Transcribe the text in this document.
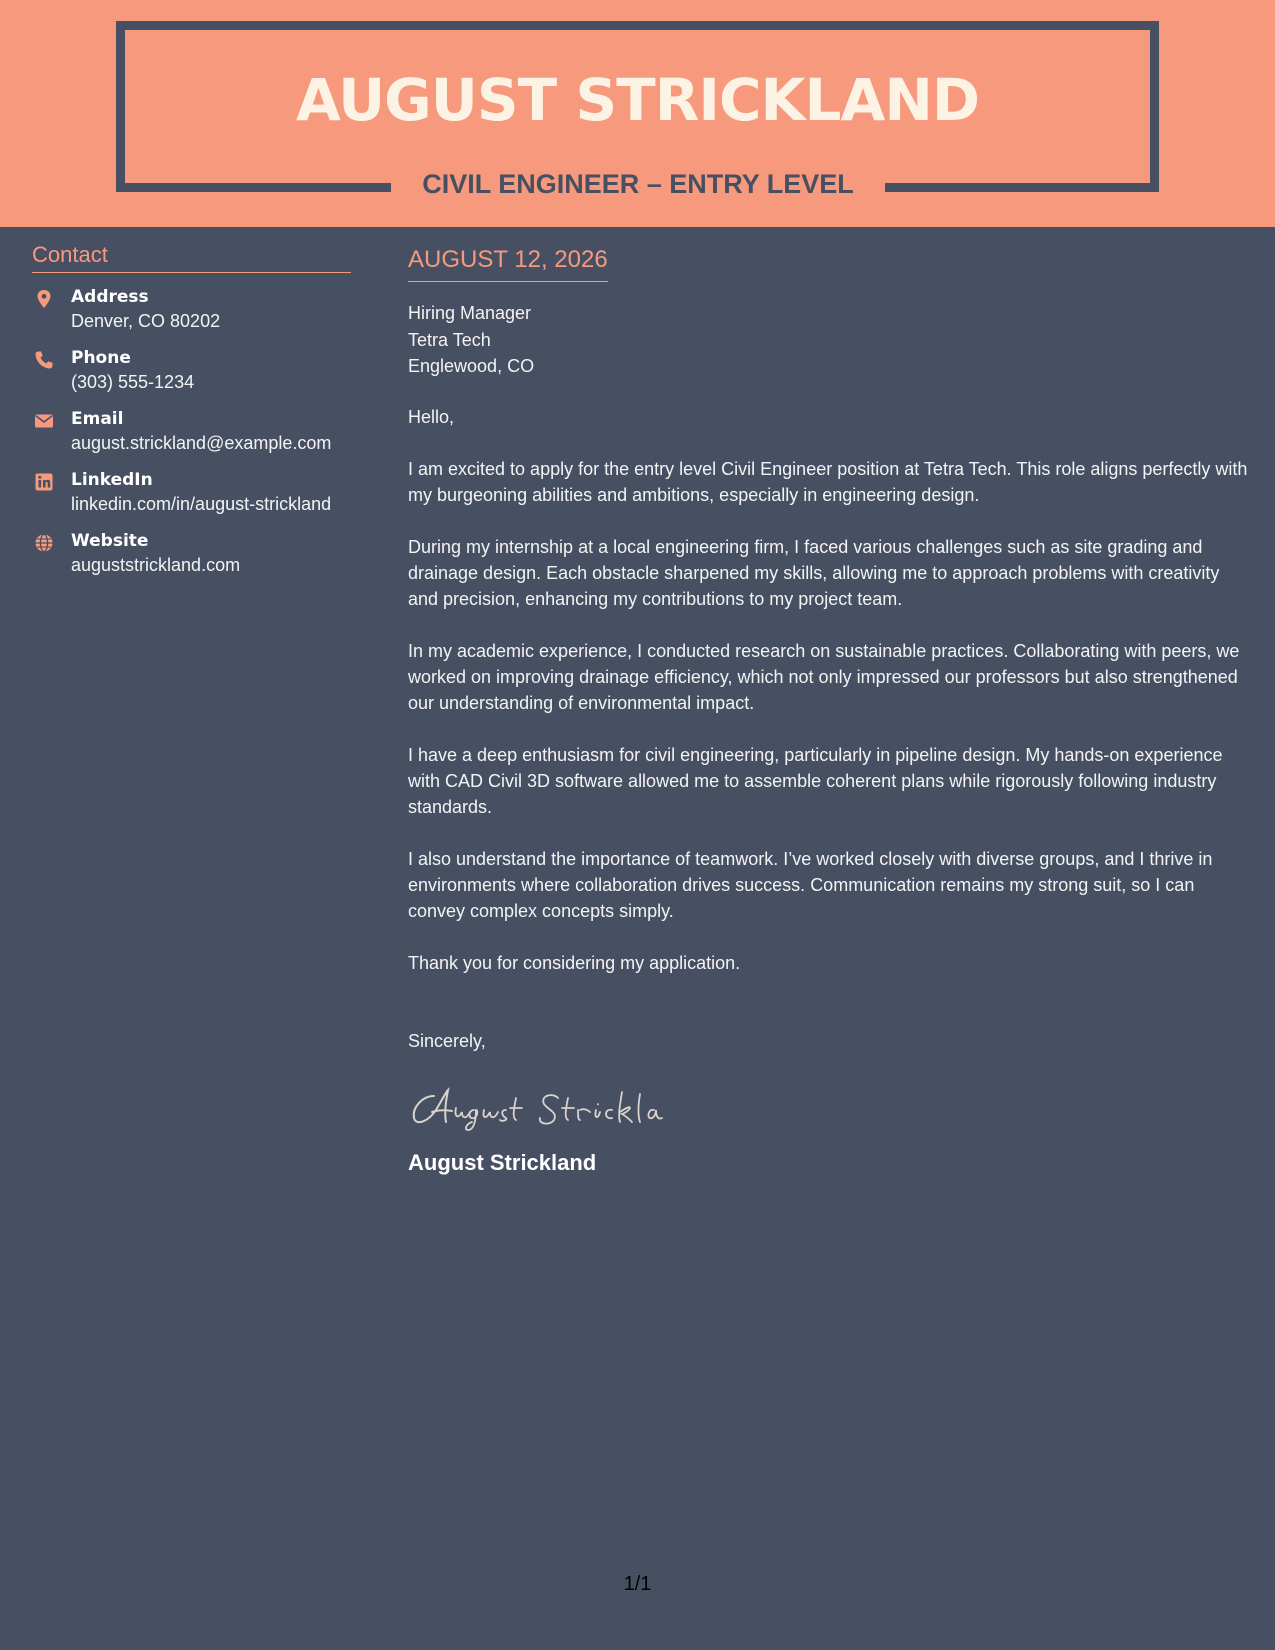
AUGUST STRICKLAND
CIVIL ENGINEER – ENTRY LEVEL
Contact
Address
Denver, CO 80202
Phone
(303) 555-1234
Email
august.strickland@example.com
LinkedIn
linkedin.com/in/august-strickland
Website
auguststrickland.com
AUGUST 12, 2026
Hiring Manager
Tetra Tech
Englewood, CO
Hello,
I am excited to apply for the entry level Civil Engineer position at Tetra Tech. This role aligns perfectly with my burgeoning abilities and ambitions, especially in engineering design.
During my internship at a local engineering firm, I faced various challenges such as site grading and drainage design. Each obstacle sharpened my skills, allowing me to approach problems with creativity and precision, enhancing my contributions to my project team.
In my academic experience, I conducted research on sustainable practices. Collaborating with peers, we worked on improving drainage efficiency, which not only impressed our professors but also strengthened our understanding of environmental impact.
I have a deep enthusiasm for civil engineering, particularly in pipeline design. My hands-on experience with CAD Civil 3D software allowed me to assemble coherent plans while rigorously following industry standards.
I also understand the importance of teamwork. I’ve worked closely with diverse groups, and I thrive in environments where collaboration drives success. Communication remains my strong suit, so I can convey complex concepts simply.
Thank you for considering my application.
Sincerely,
August Strickland
1/1
